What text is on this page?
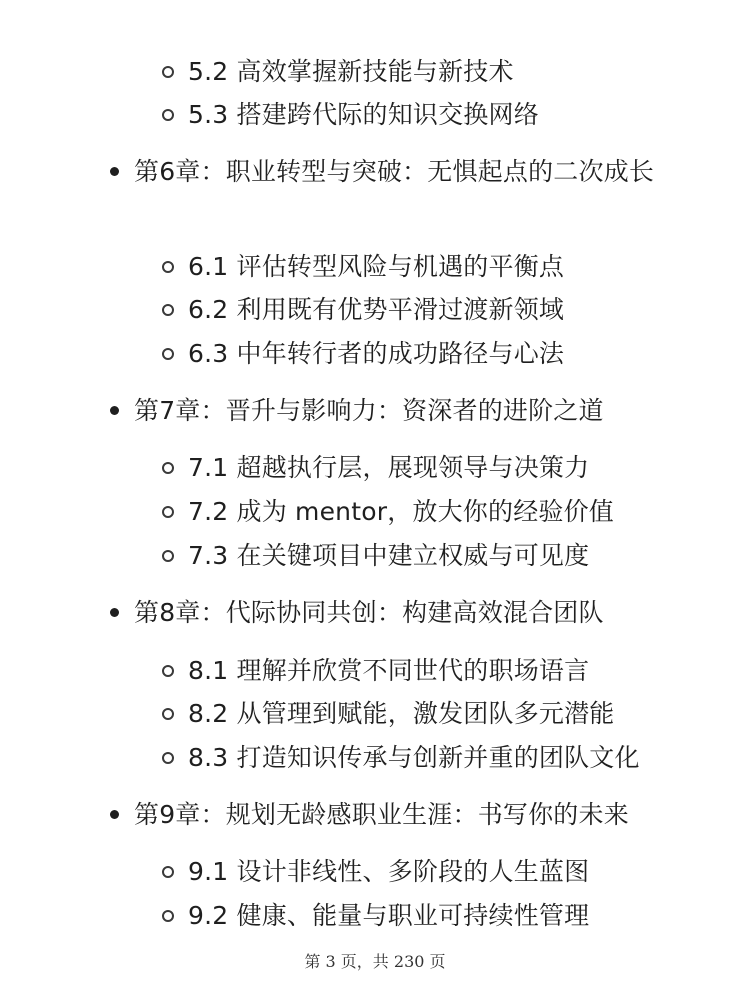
5.2 高效掌握新技能与新技术
5.3 搭建跨代际的知识交换网络
第6章：职业转型与突破：无惧起点的二次成长
6.1 评估转型风险与机遇的平衡点
6.2 利用既有优势平滑过渡新领域
6.3 中年转行者的成功路径与心法
第7章：晋升与影响力：资深者的进阶之道
7.1 超越执行层，展现领导与决策力
7.2 成为 mentor，放大你的经验价值
7.3 在关键项目中建立权威与可见度
第8章：代际协同共创：构建高效混合团队
8.1 理解并欣赏不同世代的职场语言
8.2 从管理到赋能，激发团队多元潜能
8.3 打造知识传承与创新并重的团队文化
第9章：规划无龄感职业生涯：书写你的未来
9.1 设计非线性、多阶段的人生蓝图
9.2 健康、能量与职业可持续性管理
第 3 页，共 230 页
